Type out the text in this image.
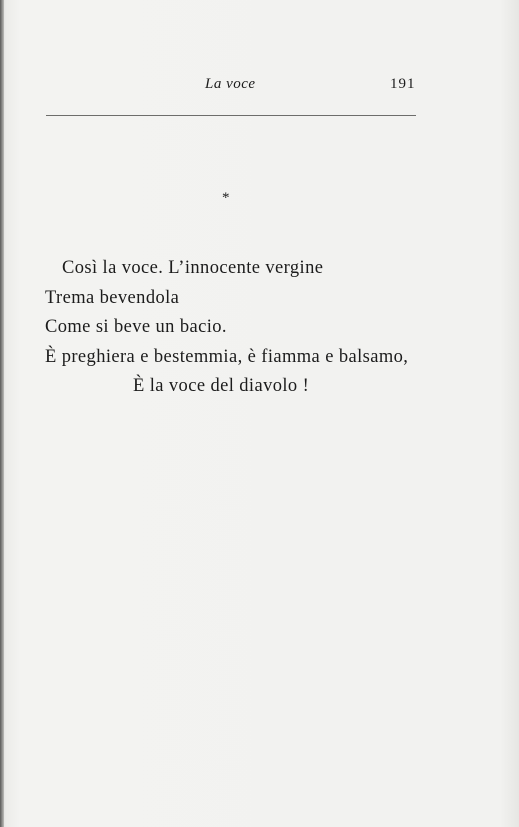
La voce	191
*
Così la voce. L’innocente vergine
Trema bevendola
Come si beve un bacio.
È preghiera e bestemmia, è fiamma e balsamo,
È la voce del diavolo !
